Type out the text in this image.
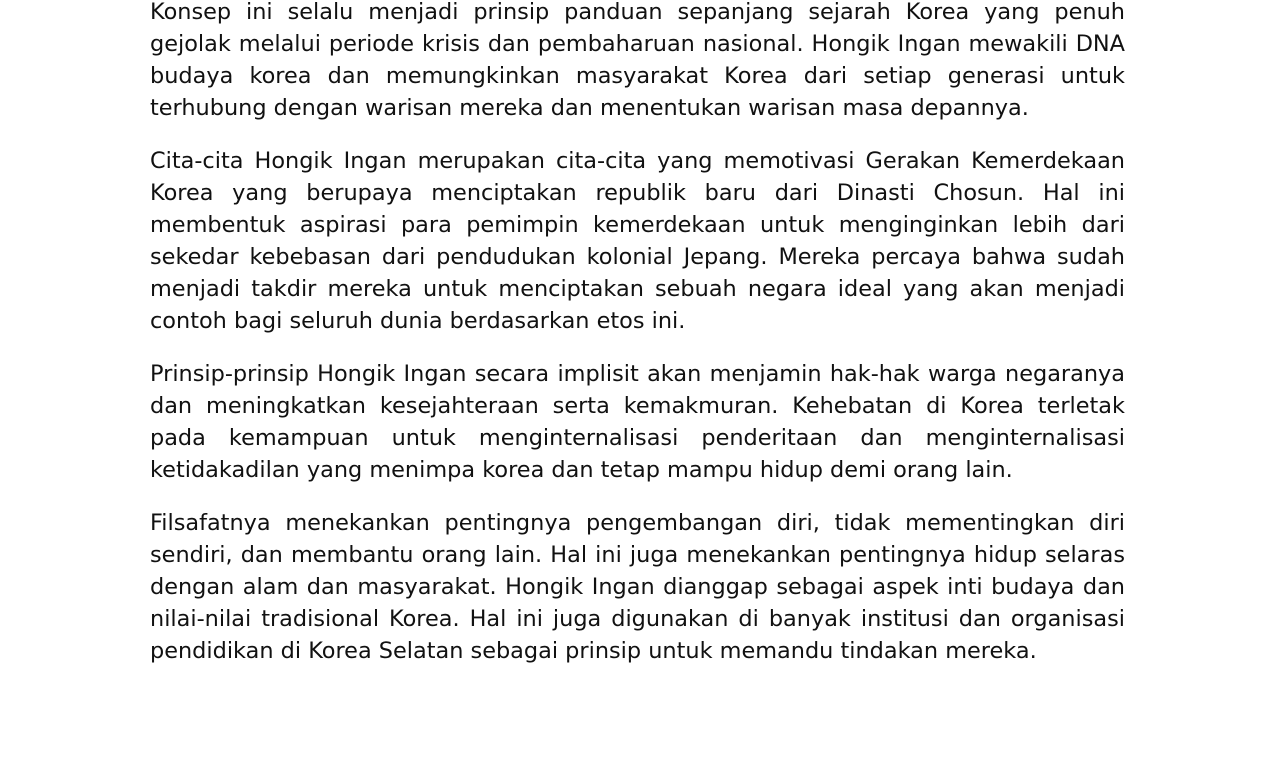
Konsep ini selalu menjadi prinsip panduan sepanjang sejarah Korea yang penuh gejolak melalui periode krisis dan pembaharuan nasional. Hongik Ingan mewakili DNA budaya korea dan memungkinkan masyarakat Korea dari setiap generasi untuk terhubung dengan warisan mereka dan menentukan warisan masa depannya.

Cita-cita Hongik Ingan merupakan cita-cita yang memotivasi Gerakan Kemerdekaan Korea yang berupaya menciptakan republik baru dari Dinasti Chosun. Hal ini membentuk aspirasi para pemimpin kemerdekaan untuk menginginkan lebih dari sekedar kebebasan dari pendudukan kolonial Jepang. Mereka percaya bahwa sudah menjadi takdir mereka untuk menciptakan sebuah negara ideal yang akan menjadi contoh bagi seluruh dunia berdasarkan etos ini.

Prinsip-prinsip Hongik Ingan secara implisit akan menjamin hak-hak warga negaranya dan meningkatkan kesejahteraan serta kemakmuran. Kehebatan di Korea terletak pada kemampuan untuk menginternalisasi penderitaan dan menginternalisasi ketidakadilan yang menimpa korea dan tetap mampu hidup demi orang lain.

Filsafatnya menekankan pentingnya pengembangan diri, tidak mementingkan diri sendiri, dan membantu orang lain. Hal ini juga menekankan pentingnya hidup selaras dengan alam dan masyarakat. Hongik Ingan dianggap sebagai aspek inti budaya dan nilai-nilai tradisional Korea. Hal ini juga digunakan di banyak institusi dan organisasi pendidikan di Korea Selatan sebagai prinsip untuk memandu tindakan mereka.
